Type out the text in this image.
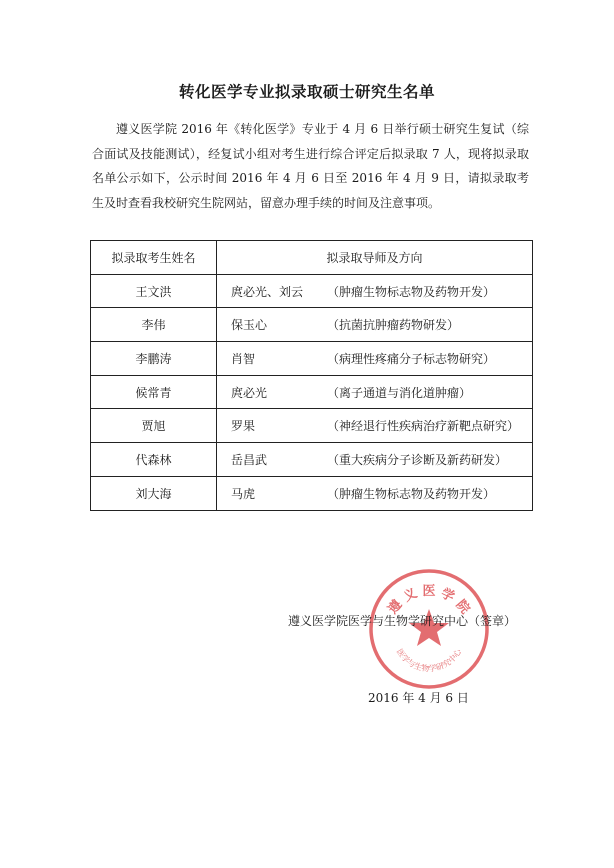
转化医学专业拟录取硕士研究生名单

遵义医学院 2016 年《转化医学》专业于 4 月 6 日举行硕士研究生复试（综合面试及技能测试），经复试小组对考生进行综合评定后拟录取 7 人，现将拟录取名单公示如下，公示时间 2016 年 4 月 6 日至 2016 年 4 月 9 日，请拟录取考生及时查看我校研究生院网站，留意办理手续的时间及注意事项。

拟录取考生姓名	拟录取导师及方向
王文洪	庹必光、刘云 （肿瘤生物标志物及药物开发）
李伟	保玉心 （抗菌抗肿瘤药物研发）
李鹏涛	肖智 （病理性疼痛分子标志物研究）
候常青	庹必光 （离子通道与消化道肿瘤）
贾旭	罗果 （神经退行性疾病治疗新靶点研究）
代森林	岳昌武 （重大疾病分子诊断及新药研发）
刘大海	马虎 （肿瘤生物标志物及药物开发）
遵 义 医 学 院
医学与生物学研究中心
遵义医学院医学与生物学研究中心（签章）
2016 年 4 月 6 日
